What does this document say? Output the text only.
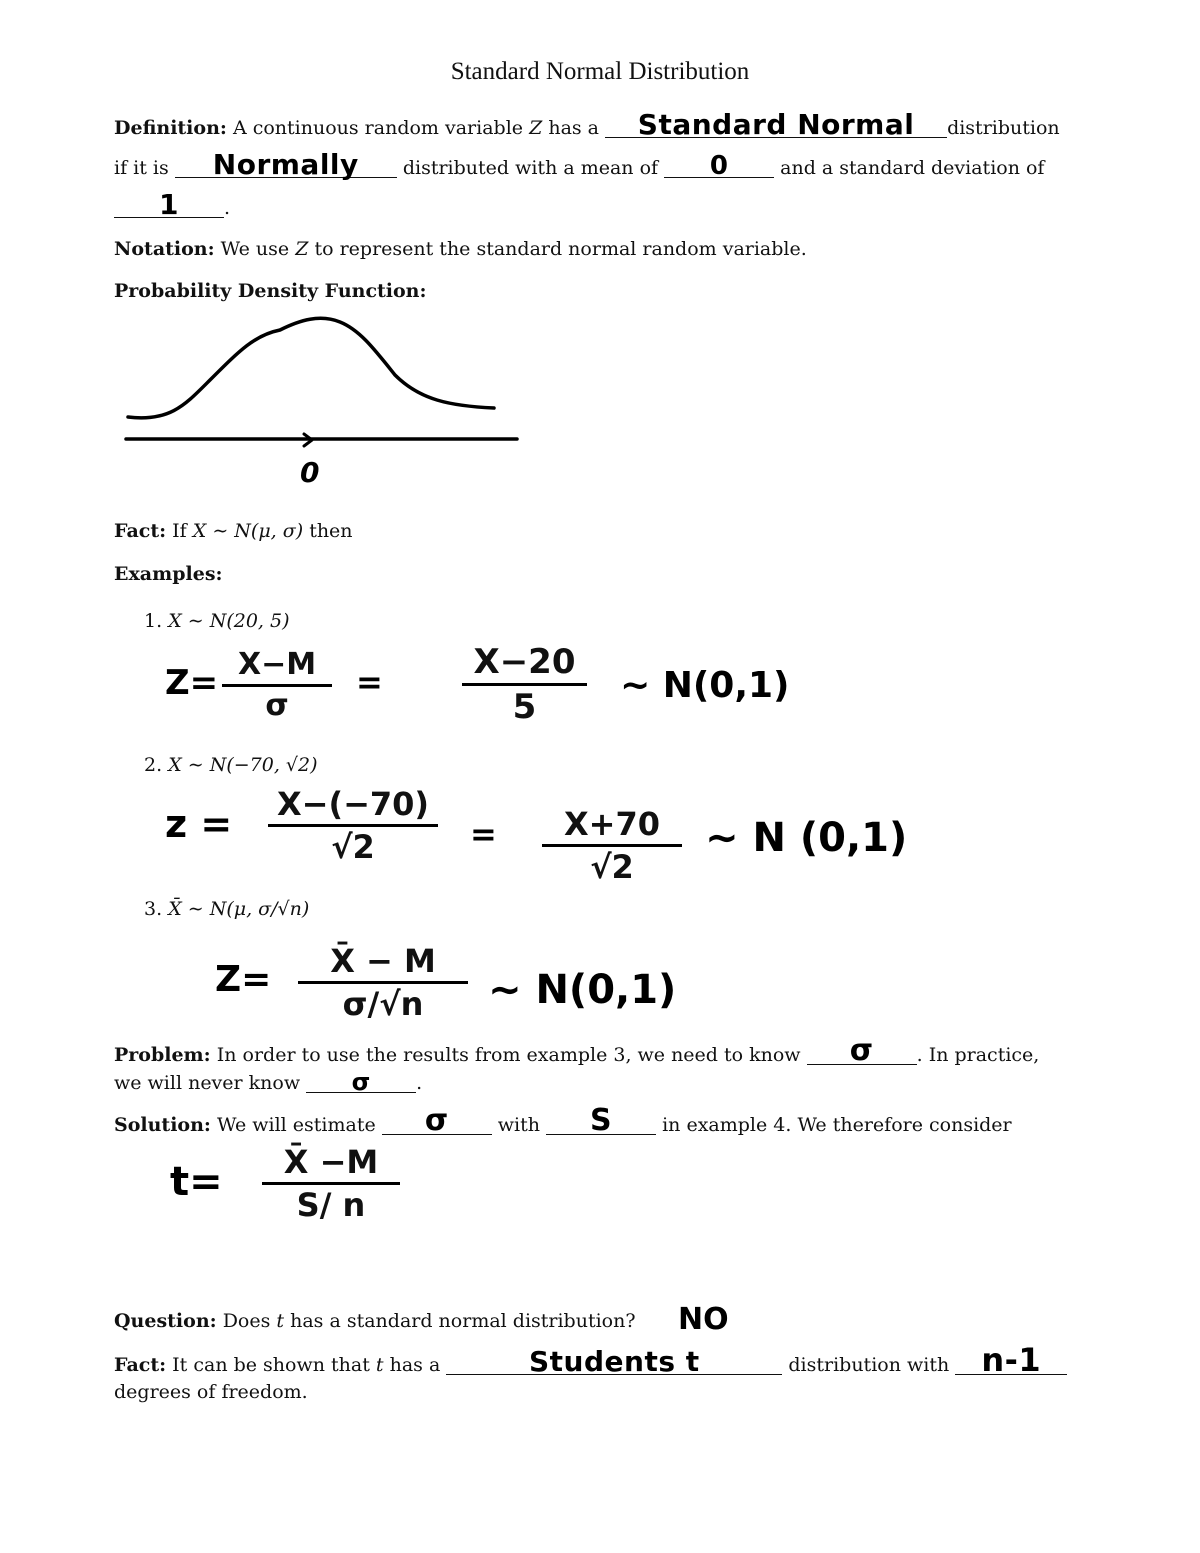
Standard Normal Distribution
Definition: A continuous random variable Z has a	Standard Normal	distribution
if it is	Normally	distributed with a mean of	0	and a standard deviation of
1	.
Notation: We use Z to represent the standard normal random variable.
Probability Density Function:
0
Fact: If X ∼ N(μ, σ) then
Examples:
1. X ∼ N(20, 5)
Z= X−M
σ
=	X−20
5
∼ N(0,1)
2. X ∼ N(−70, √2)
z = X−(−70)
√2	=	X+70
√2
∼ N (0,1)
3. X̄ ∼ N(μ, σ/√n)
Z=	X̄ − M
σ/√n	∼ N(0,1)
Problem: In order to use the results from example 3, we need to know	σ	. In practice,
we will never know	σ	.
Solution: We will estimate	σ	with	S	in example 4. We therefore consider
t=	X̄ −M
S/ n
Question: Does t has a standard normal distribution? NO
Fact: It can be shown that t has a	Students t	distribution with	n-1
degrees of freedom.
